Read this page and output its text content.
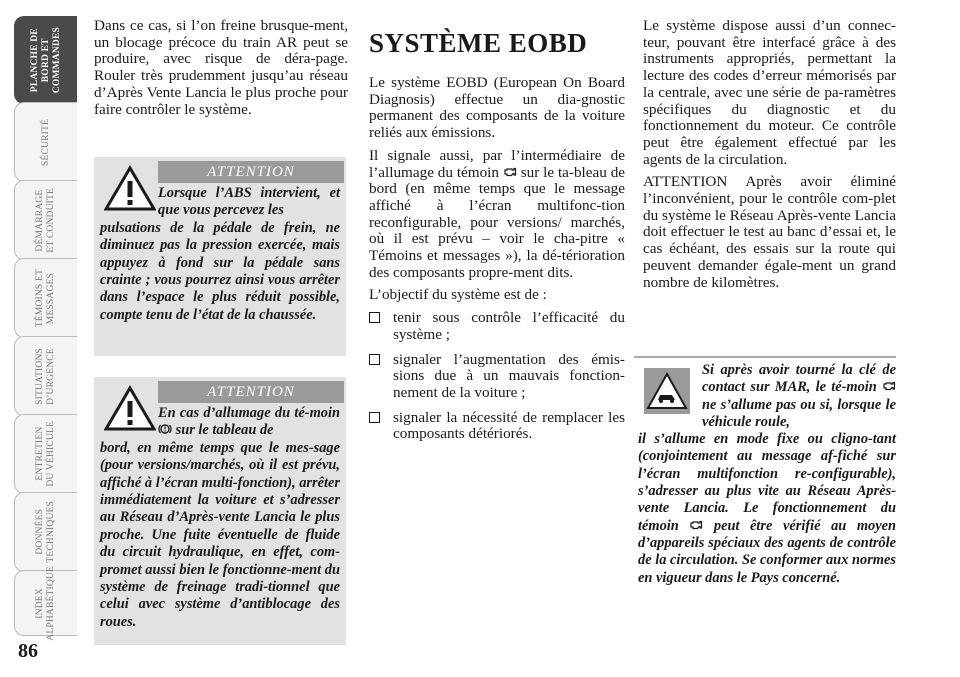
PLANCHE DE
BORD ET
COMMANDES
SÉCURITÉ
DÉMARRAGE
ET CONDUITE
TÉMOINS ET
MESSAGES
SITUATIONS
D’URGENCE
ENTRETIEN
DU VÉHICULE
DONNÉES
TECHNIQUES
INDEX
ALPHABÉTIQUE
86

Dans ce cas, si l’on freine brusque-ment, un blocage précoce du train AR peut se produire, avec risque de déra-page. Rouler très prudemment jusqu’au réseau d’Après Vente Lancia le plus proche pour faire contrôler le système.

ATTENTION
Lorsque l’ABS intervient, et que vous percevez les
pulsations de la pédale de frein, ne diminuez pas la pression exercée, mais appuyez à fond sur la pédale sans crainte ; vous pourrez ainsi vous arrêter dans l’espace le plus réduit possible, compte tenu de l’état de la chaussée.
ATTENTION
En cas d’allumage du té-moin  sur le tableau de
bord, en même temps que le mes-sage (pour versions/marchés, où il est prévu, affiché à l’écran multi-fonction), arrêter immédiatement la voiture et s’adresser au Réseau d’Après-vente Lancia le plus proche. Une fuite éventuelle de fluide du circuit hydraulique, en effet, com-promet aussi bien le fonctionne-ment du système de freinage tradi-tionnel que celui avec système d’antiblocage des roues.
SYSTÈME EOBD

Le système EOBD (European On Board Diagnosis) effectue un dia-gnostic permanent des composants de la voiture reliés aux émissions.

Il signale aussi, par l’intermédiaire de l’allumage du témoin sur le ta-bleau de bord (en même temps que le message affiché à l’écran multifonc-tion reconfigurable, pour versions/ marchés, où il est prévu – voir le cha-pitre « Témoins et messages »), la dé-térioration des composants propre-ment dits.

L’objectif du système est de :

tenir sous contrôle l’efficacité du système ;
signaler l’augmentation des émis-sions due à un mauvais fonction-nement de la voiture ;
signaler la nécessité de remplacer les composants détériorés.

Le système dispose aussi d’un connec-teur, pouvant être interfacé grâce à des instruments appropriés, permettant la lecture des codes d’erreur mémorisés par la centrale, avec une série de pa-ramètres spécifiques du diagnostic et du fonctionnement du moteur. Ce contrôle peut être également effectué par les agents de la circulation.

ATTENTION Après avoir éliminé l’inconvénient, pour le contrôle com-plet du système le Réseau Après-vente Lancia doit effectuer le test au banc d’essai et, le cas échéant, des essais sur la route qui peuvent demander égale-ment un grand nombre de kilomètres.

Si après avoir tourné la clé de contact sur MAR, le té-moin  ne s’allume pas ou si, lorsque le véhicule roule,
il s’allume en mode fixe ou cligno-tant (conjointement au message af-fiché sur l’écran multifonction re-configurable), s’adresser au plus vite au Réseau Après-vente Lancia. Le fonctionnement du témoin peut être vérifié au moyen d’appareils spéciaux des agents de contrôle de la circulation. Se conformer aux normes en vigueur dans le Pays concerné.
